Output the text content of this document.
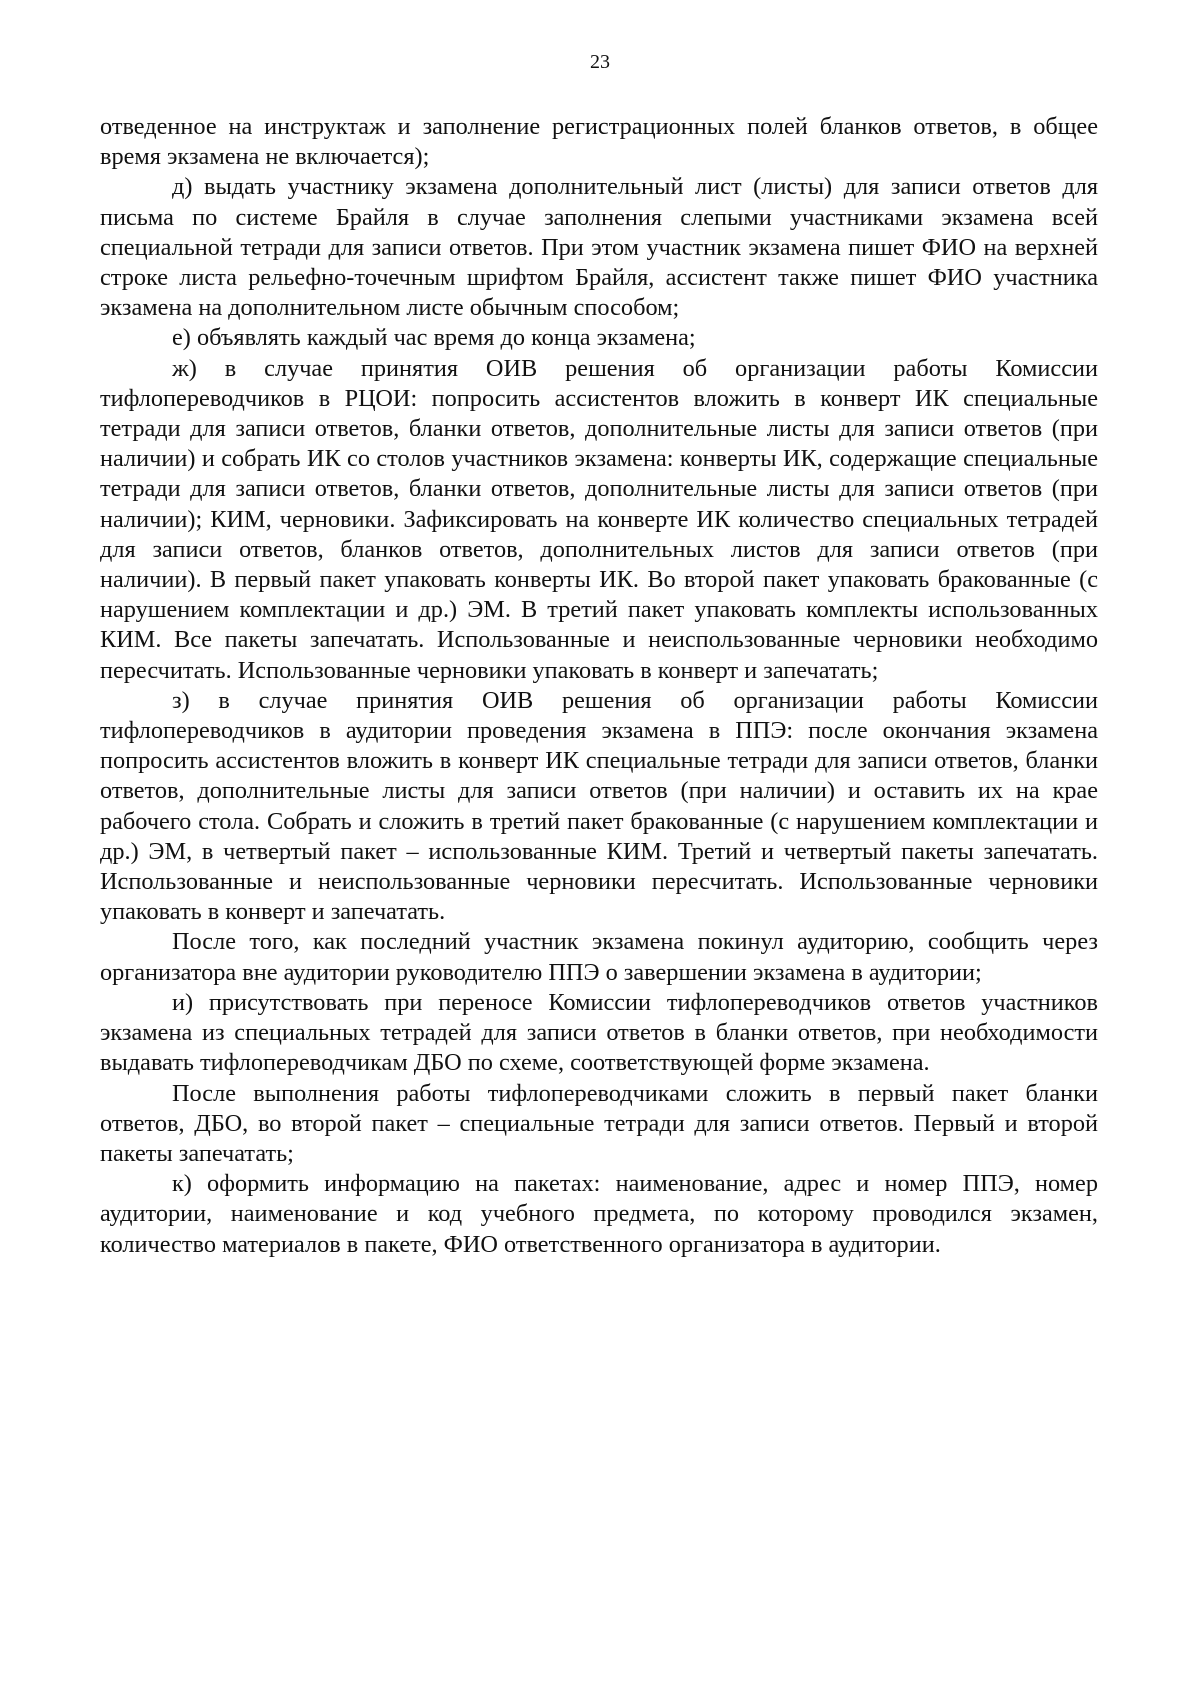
23

отведенное на инструктаж и заполнение регистрационных полей бланков ответов, в общее время экзамена не включается);

д) выдать участнику экзамена дополнительный лист (листы) для записи ответов для письма по системе Брайля в случае заполнения слепыми участниками экзамена всей специальной тетради для записи ответов. При этом участник экзамена пишет ФИО на верхней строке листа рельефно-точечным шрифтом Брайля, ассистент также пишет ФИО участника экзамена на дополнительном листе обычным способом;

е) объявлять каждый час время до конца экзамена;

ж) в случае принятия ОИВ решения об организации работы Комиссии тифлопереводчиков в РЦОИ: попросить ассистентов вложить в конверт ИК специальные тетради для записи ответов, бланки ответов, дополнительные листы для записи ответов (при наличии) и собрать ИК со столов участников экзамена: конверты ИК, содержащие специальные тетради для записи ответов, бланки ответов, дополнительные листы для записи ответов (при наличии); КИМ, черновики. Зафиксировать на конверте ИК количество специальных тетрадей для записи ответов, бланков ответов, дополнительных листов для записи ответов (при наличии). В первый пакет упаковать конверты ИК. Во второй пакет упаковать бракованные (с нарушением комплектации и др.) ЭМ. В третий пакет упаковать комплекты использованных КИМ. Все пакеты запечатать. Использованные и неиспользованные черновики необходимо пересчитать. Использованные черновики упаковать в конверт и запечатать;

з) в случае принятия ОИВ решения об организации работы Комиссии тифлопереводчиков в аудитории проведения экзамена в ППЭ: после окончания экзамена попросить ассистентов вложить в конверт ИК специальные тетради для записи ответов, бланки ответов, дополнительные листы для записи ответов (при наличии) и оставить их на крае рабочего стола. Собрать и сложить в третий пакет бракованные (с нарушением комплектации и др.) ЭМ, в четвертый пакет – использованные КИМ. Третий и четвертый пакеты запечатать. Использованные и неиспользованные черновики пересчитать. Использованные черновики упаковать в конверт и запечатать.

После того, как последний участник экзамена покинул аудиторию, сообщить через организатора вне аудитории руководителю ППЭ о завершении экзамена в аудитории;

и) присутствовать при переносе Комиссии тифлопереводчиков ответов участников экзамена из специальных тетрадей для записи ответов в бланки ответов, при необходимости выдавать тифлопереводчикам ДБО по схеме, соответствующей форме экзамена.

После выполнения работы тифлопереводчиками сложить в первый пакет бланки ответов, ДБО, во второй пакет – специальные тетради для записи ответов. Первый и второй пакеты запечатать;

к) оформить информацию на пакетах: наименование, адрес и номер ППЭ, номер аудитории, наименование и код учебного предмета, по которому проводился экзамен, количество материалов в пакете, ФИО ответственного организатора в аудитории.
